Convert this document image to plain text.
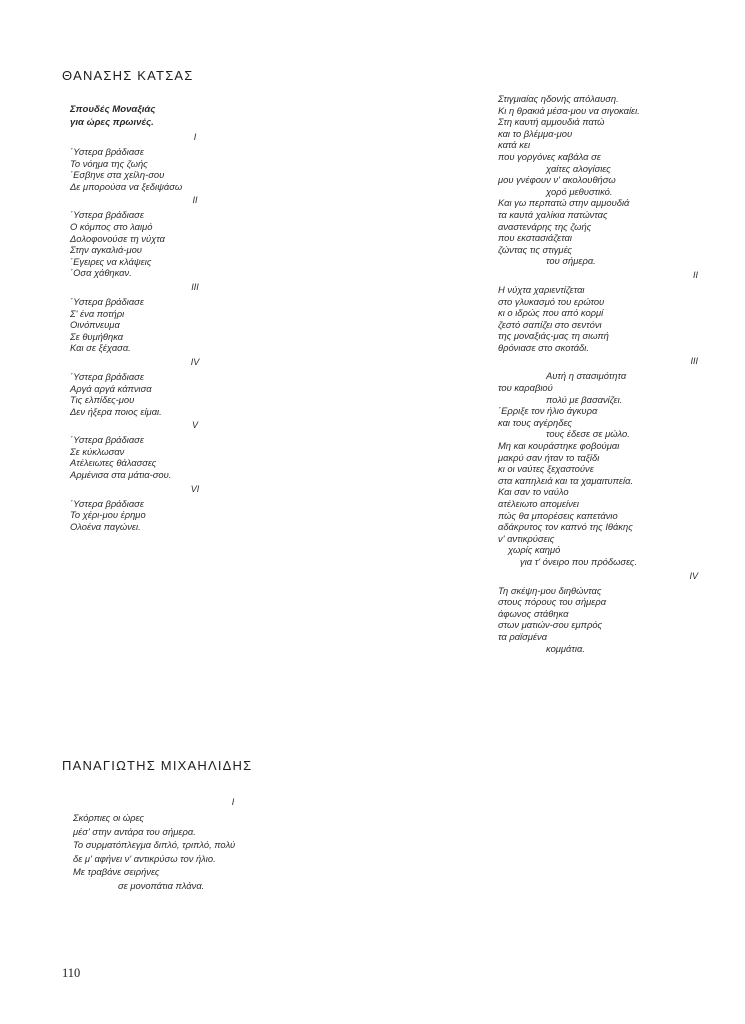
ΘΑΝΑΣΗΣ ΚΑΤΣΑΣ
Σπουδές Μοναξιάς
για ώρες πρωινές.
I
΄Υστερα βράδιασε
Το νόημα της ζωής
΄Εσβηνε στα χείλη-σου
Δε μπορούσα να ξεδιψάσω
II
΄Υστερα βράδιασε
Ο κόμπος στο λαιμό
Δολοφονούσε τη νύχτα
Στην αγκαλιά-μου
΄Εγειρες να κλάψεις
΄Οσα χάθηκαν.
III
΄Υστερα βράδιασε
Σ' ένα ποτήρι
Οινόπνευμα
Σε θυμήθηκα
Και σε ξέχασα.
IV
΄Υστερα βράδιασε
Αργά αργά κάπνισα
Τις ελπίδες-μου
Δεν ήξερα ποιος είμαι.
V
΄Υστερα βράδιασε
Σε κύκλωσαν
Ατέλειωτες θάλασσες
Αρμένισα στα μάτια-σου.
VI
΄Υστερα βράδιασε
Το χέρι-μου έρημο
Ολοένα παγώνει.
ΠΑΝΑΓΙΩΤΗΣ ΜΙΧΑΗΛΙΔΗΣ
I
Σκόρπιες οι ώρες
μέσ' στην αντάρα του σήμερα.
Το συρματόπλεγμα διπλό, τριπλό, πολύ
δε μ' αφήνει ν' αντικρύσω τον ήλιο.
Με τραβάνε σειρήνες
σε μονοπάτια πλάνα.
Στιγμιαίας ηδονής απόλαυση.
Κι η θρακιά μέσα-μου να σιγοκαίει.
Στη καυτή αμμουδιά πατώ
και το βλέμμα-μου
κατά κει
που γοργόνες καβάλα σε
χαίτες αλογίσιες
μου γνέφουν ν' ακολουθήσω
χορό μεθυστικό.
Και γω περπατώ στην αμμουδιά
τα καυτά χαλίκια πατώντας
αναστενάρης της ζωής
που εκστασιάζεται
ζώντας τις στιγμές
του σήμερα.
II
Η νύχτα χαριεντίζεται
στο γλυκασμό του ερώτου
κι ο ιδρώς που από κορμί
ζεστό σαπίζει στο σεντόνι
της μοναξιάς-μας τη σιωπή
θρόνιασε στο σκοτάδι.
III
Αυτή η στασιμότητα
του καραβιού
πολύ με βασανίζει.
΄Ερριξε τον ήλιο άγκυρα
και τους αγέρηδες
τους έδεσε σε μώλο.
Μη και κουράστηκε φοβούμαι
μακρύ σαν ήταν το ταξίδι
κι οι ναύτες ξεχαστούνε
στα καπηλειά και τα χαμαιτυπεία.
Και σαν το ναύλο
ατέλειωτο απομείνει
πώς θα μπορέσεις καπετάνιο
αδάκρυτος τον καπνό της Ιθάκης
ν' αντικρύσεις
χωρίς καημό
για τ' όνειρο που πρόδωσες.
IV
Τη σκέψη-μου διηθώντας
στους πόρους του σήμερα
άφωνος στάθηκα
στων ματιών-σου εμπρός
τα ραϊσμένα
κομμάτια.
110
